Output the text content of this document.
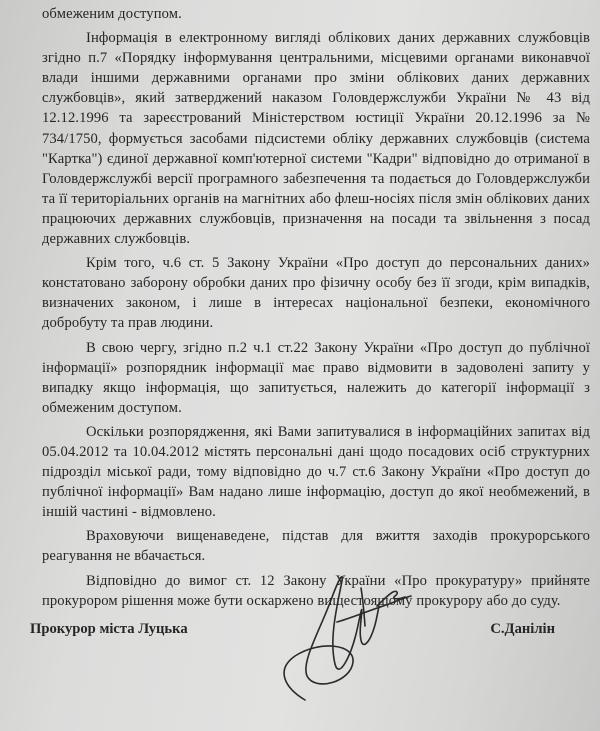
обмеженим доступом.

Інформація в електронному вигляді облікових даних державних службовців згідно п.7 «Порядку інформування центральними, місцевими органами виконавчої влади іншими державними органами про зміни облікових даних державних службовців», який затверджений наказом Головдержслужби України № 43 від 12.12.1996 та зареєстрований Міністерством юстиції України 20.12.1996 за № 734/1750, формується засобами підсистеми обліку державних службовців (система "Картка") єдиної державної комп'ютерної системи "Кадри" відповідно до отриманої в Головдержслужбі версії програмного забезпечення та подається до Головдержслужби та її територіальних органів на магнітних або флеш-носіях після змін облікових даних працюючих державних службовців, призначення на посади та звільнення з посад державних службовців.

Крім того, ч.6 ст. 5 Закону України «Про доступ до персональних даних» констатовано заборону обробки даних про фізичну особу без її згоди, крім випадків, визначених законом, і лише в інтересах національної безпеки, економічного добробуту та прав людини.

В свою чергу, згідно п.2 ч.1 ст.22 Закону України «Про доступ до публічної інформації» розпорядник інформації має право відмовити в задоволені запиту у випадку якщо інформація, що запитується, належить до категорії інформації з обмеженим доступом.

Оскільки розпорядження, які Вами запитувалися в інформаційних запитах від 05.04.2012 та 10.04.2012 містять персональні дані щодо посадових осіб структурних підрозділ міської ради, тому відповідно до ч.7 ст.6 Закону України «Про доступ до публічної інформації» Вам надано лише інформацію, доступ до якої необмежений, в іншій частині - відмовлено.

Враховуючи вищенаведене, підстав для вжиття заходів прокурорського реагування не вбачається.

Відповідно до вимог ст. 12 Закону України «Про прокуратуру» прийняте прокурором рішення може бути оскаржено вищестоящому прокурору або до суду.

Прокурор міста Луцька	С.Данілін
